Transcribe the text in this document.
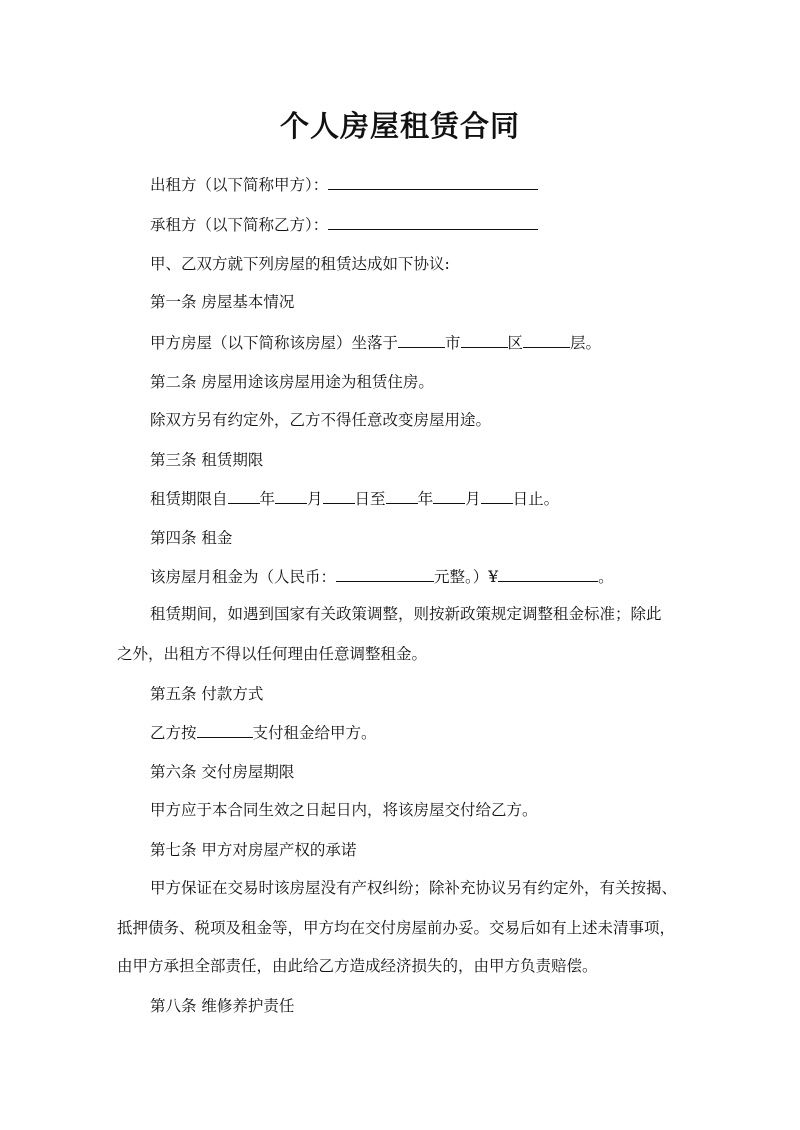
个人房屋租赁合同
出租方（以下简称甲方）：
承租方（以下简称乙方）：
甲、乙双方就下列房屋的租赁达成如下协议:
第一条 房屋基本情况
甲方房屋（以下简称该房屋）坐落于	市	区	层。
第二条 房屋用途该房屋用途为租赁住房。
除双方另有约定外，乙方不得任意改变房屋用途。
第三条 租赁期限
租赁期限自 年 月 日至 年 月 日止。
第四条 租金
该房屋月租金为（人民币：	元整。）¥	。
租赁期间，如遇到国家有关政策调整，则按新政策规定调整租金标准；除此
之外，出租方不得以任何理由任意调整租金。
第五条 付款方式
乙方按	支付租金给甲方。
第六条 交付房屋期限
甲方应于本合同生效之日起日内，将该房屋交付给乙方。
第七条 甲方对房屋产权的承诺
甲方保证在交易时该房屋没有产权纠纷；除补充协议另有约定外，有关按揭、
抵押债务、税项及租金等，甲方均在交付房屋前办妥。交易后如有上述未清事项，
由甲方承担全部责任，由此给乙方造成经济损失的，由甲方负责赔偿。
第八条 维修养护责任
